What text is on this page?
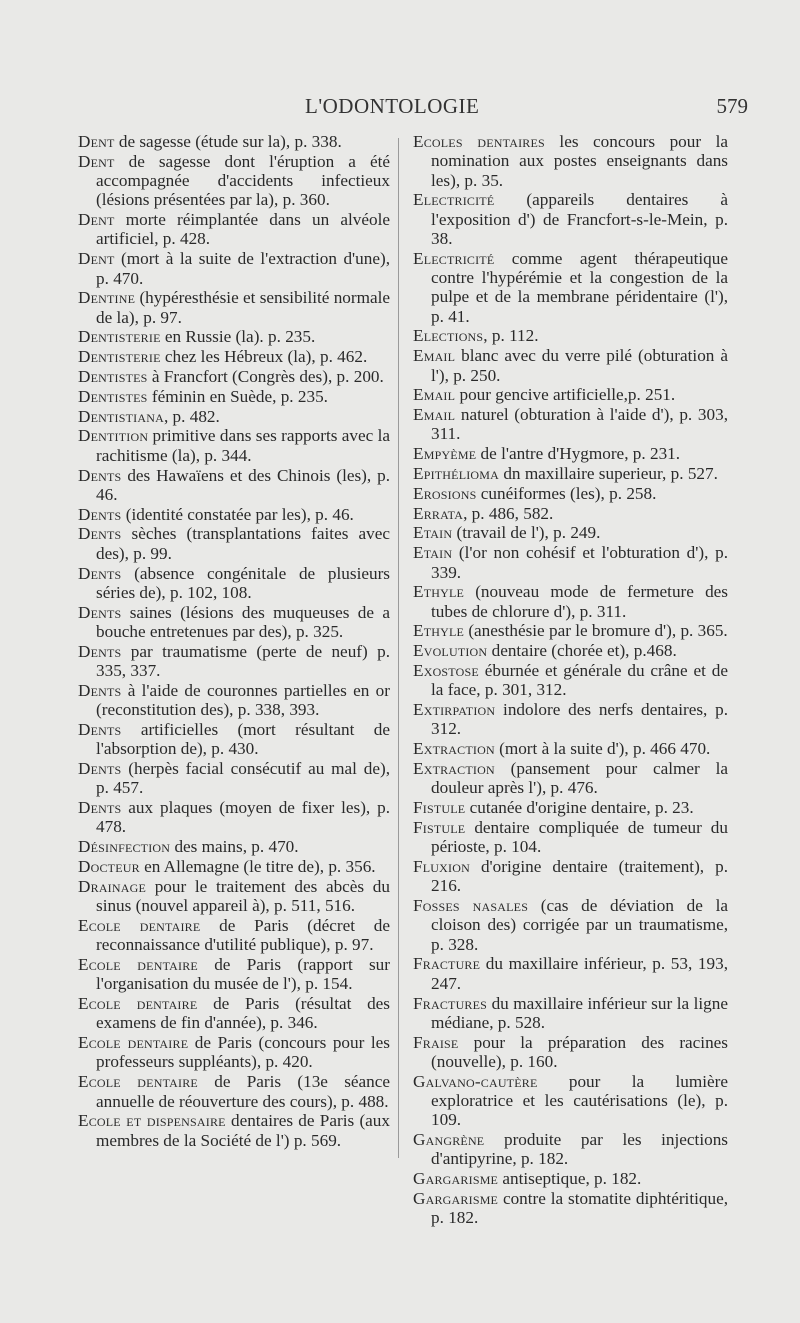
L'ODONTOLOGIE	579

Dent de sagesse (étude sur la), p. 338.

Dent de sagesse dont l'éruption a été accompagnée d'accidents infectieux (lésions présentées par la), p. 360.

Dent morte réimplantée dans un alvéole artificiel, p. 428.

Dent (mort à la suite de l'extraction d'une), p. 470.

Dentine (hypéresthésie et sensibilité normale de la), p. 97.

Dentisterie en Russie (la). p. 235.

Dentisterie chez les Hébreux (la), p. 462.

Dentistes à Francfort (Congrès des), p. 200.

Dentistes féminin en Suède, p. 235.

Dentistiana, p. 482.

Dentition primitive dans ses rapports avec la rachitisme (la), p. 344.

Dents des Hawaïens et des Chinois (les), p. 46.

Dents (identité constatée par les), p. 46.

Dents sèches (transplantations faites avec des), p. 99.

Dents (absence congénitale de plusieurs séries de), p. 102, 108.

Dents saines (lésions des muqueuses de a bouche entretenues par des), p. 325.

Dents par traumatisme (perte de neuf) p. 335, 337.

Dents à l'aide de couronnes partielles en or (reconstitution des), p. 338, 393.

Dents artificielles (mort résultant de l'absorption de), p. 430.

Dents (herpès facial consécutif au mal de), p. 457.

Dents aux plaques (moyen de fixer les), p. 478.

Désinfection des mains, p. 470.

Docteur en Allemagne (le titre de), p. 356.

Drainage pour le traitement des abcès du sinus (nouvel appareil à), p. 511, 516.

Ecole dentaire de Paris (décret de reconnaissance d'utilité publique), p. 97.

Ecole dentaire de Paris (rapport sur l'organisation du musée de l'), p. 154.

Ecole dentaire de Paris (résultat des examens de fin d'année), p. 346.

Ecole dentaire de Paris (concours pour les professeurs suppléants), p. 420.

Ecole dentaire de Paris (13e séance annuelle de réouverture des cours), p. 488.

Ecole et dispensaire dentaires de Paris (aux membres de la Société de l') p. 569.

Ecoles dentaires les concours pour la nomination aux postes enseignants dans les), p. 35.

Electricité (appareils dentaires à l'exposition d') de Francfort-s-le-Mein, p. 38.

Electricité comme agent thérapeutique contre l'hypérémie et la congestion de la pulpe et de la membrane péridentaire (l'), p. 41.

Elections, p. 112.

Email blanc avec du verre pilé (obturation à l'), p. 250.

Email pour gencive artificielle,p. 251.

Email naturel (obturation à l'aide d'), p. 303, 311.

Empyème de l'antre d'Hygmore, p. 231.

Epithélioma dn maxillaire superieur, p. 527.

Erosions cunéiformes (les), p. 258.

Errata, p. 486, 582.

Etain (travail de l'), p. 249.

Etain (l'or non cohésif et l'obturation d'), p. 339.

Ethyle (nouveau mode de fermeture des tubes de chlorure d'), p. 311.

Ethyle (anesthésie par le bromure d'), p. 365.

Evolution dentaire (chorée et), p.468.

Exostose éburnée et générale du crâne et de la face, p. 301, 312.

Extirpation indolore des nerfs dentaires, p. 312.

Extraction (mort à la suite d'), p. 466 470.

Extraction (pansement pour calmer la douleur après l'), p. 476.

Fistule cutanée d'origine dentaire, p. 23.

Fistule dentaire compliquée de tumeur du périoste, p. 104.

Fluxion d'origine dentaire (traitement), p. 216.

Fosses nasales (cas de déviation de la cloison des) corrigée par un traumatisme, p. 328.

Fracture du maxillaire inférieur, p. 53, 193, 247.

Fractures du maxillaire inférieur sur la ligne médiane, p. 528.

Fraise pour la préparation des racines (nouvelle), p. 160.

Galvano-cautère pour la lumière exploratrice et les cautérisations (le), p. 109.

Gangrène produite par les injections d'antipyrine, p. 182.

Gargarisme antiseptique, p. 182.

Gargarisme contre la stomatite diphtéritique, p. 182.
